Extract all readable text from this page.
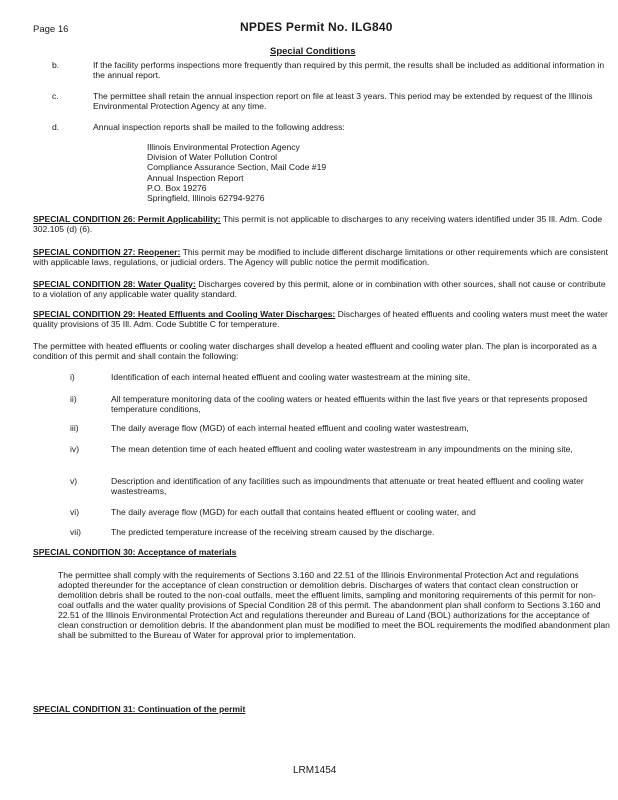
Page 16	NPDES Permit No. ILG840
Special Conditions
b.	If the facility performs inspections more frequently than required by this permit, the results shall be included as additional information in the annual report.
c.	The permittee shall retain the annual inspection report on file at least 3 years. This period may be extended by request of the Illinois Environmental Protection Agency at any time.
d.	Annual inspection reports shall be mailed to the following address:
Illinois Environmental Protection Agency
Division of Water Pollution Control
Compliance Assurance Section, Mail Code #19
Annual Inspection Report
P.O. Box 19276
Springfield, Illinois 62794-9276
SPECIAL CONDITION 26: Permit Applicability: This permit is not applicable to discharges to any receiving waters identified under 35 Ill. Adm. Code 302.105 (d) (6).
SPECIAL CONDITION 27: Reopener: This permit may be modified to include different discharge limitations or other requirements which are consistent with applicable laws, regulations, or judicial orders. The Agency will public notice the permit modification.
SPECIAL CONDITION 28: Water Quality: Discharges covered by this permit, alone or in combination with other sources, shall not cause or contribute to a violation of any applicable water quality standard.
SPECIAL CONDITION 29: Heated Effluents and Cooling Water Discharges: Discharges of heated effluents and cooling waters must meet the water quality provisions of 35 Ill. Adm. Code Subtitle C for temperature.
The permittee with heated effluents or cooling water discharges shall develop a heated effluent and cooling water plan. The plan is incorporated as a condition of this permit and shall contain the following:
i)	Identification of each internal heated effluent and cooling water wastestream at the mining site,
ii)	All temperature monitoring data of the cooling waters or heated effluents within the last five years or that represents proposed temperature conditions,
iii)	The daily average flow (MGD) of each internal heated effluent and cooling water wastestream,
iv)	The mean detention time of each heated effluent and cooling water wastestream in any impoundments on the mining site,
v)	Description and identification of any facilities such as impoundments that attenuate or treat heated effluent and cooling water wastestreams,
vi)	The daily average flow (MGD) for each outfall that contains heated effluent or cooling water, and
vii)	The predicted temperature increase of the receiving stream caused by the discharge.
SPECIAL CONDITION 30: Acceptance of materials
The permittee shall comply with the requirements of Sections 3.160 and 22.51 of the Illinois Environmental Protection Act and regulations adopted thereunder for the acceptance of clean construction or demolition debris. Discharges of waters that contact clean construction or demolition debris shall be routed to the non-coal outfalls, meet the effluent limits, sampling and monitoring requirements of this permit for non-coal outfalls and the water quality provisions of Special Condition 28 of this permit. The abandonment plan shall conform to Sections 3.160 and 22.51 of the Illinois Environmental Protection Act and regulations thereunder and Bureau of Land (BOL) authorizations for the acceptance of clean construction or demolition debris. If the abandonment plan must be modified to meet the BOL requirements the modified abandonment plan shall be submitted to the Bureau of Water for approval prior to implementation.
SPECIAL CONDITION 31: Continuation of the permit
LRM1454
